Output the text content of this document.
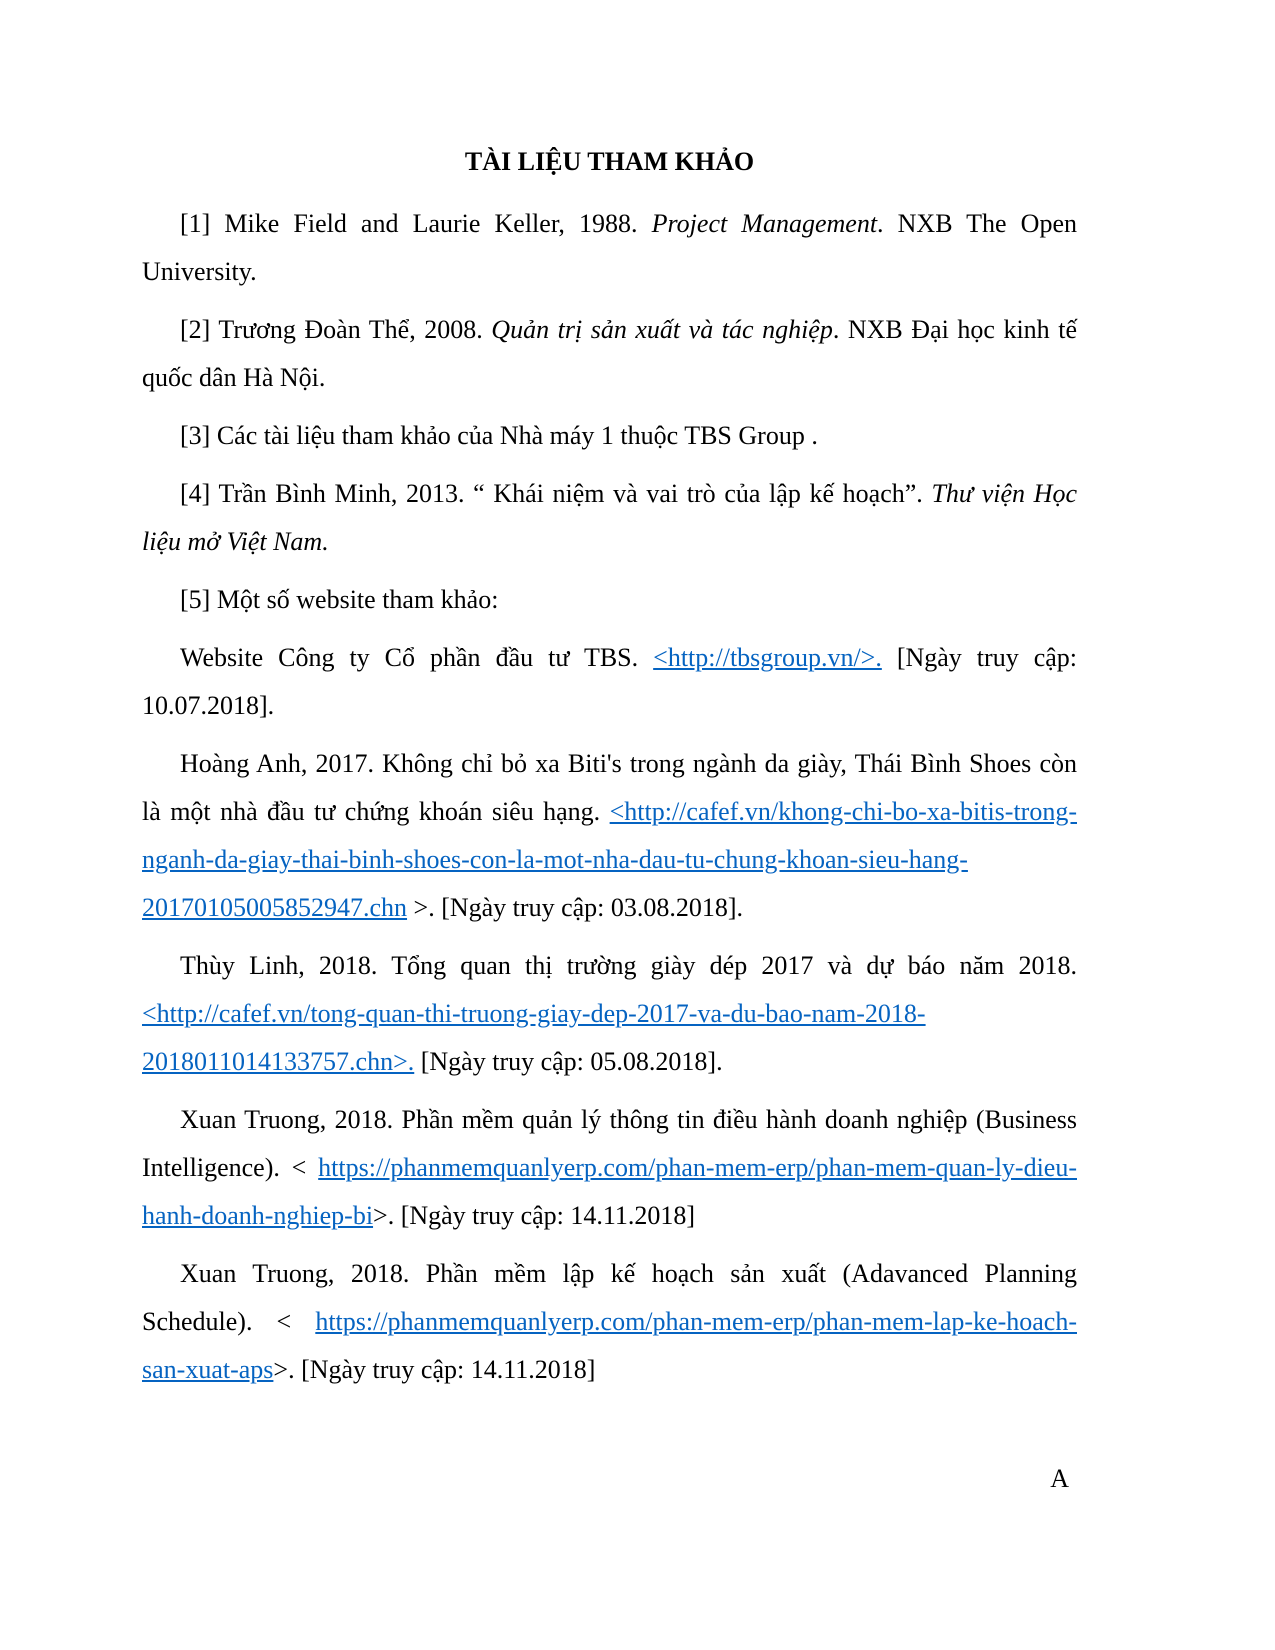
TÀI LIỆU THAM KHẢO

[1] Mike Field and Laurie Keller, 1988. Project Management. NXB The Open University.

[2] Trương Đoàn Thể, 2008. Quản trị sản xuất và tác nghiệp. NXB Đại học kinh tế quốc dân Hà Nội.

[3] Các tài liệu tham khảo của Nhà máy 1 thuộc TBS Group .

[4] Trần Bình Minh, 2013. “ Khái niệm và vai trò của lập kế hoạch”. Thư viện Học liệu mở Việt Nam.

[5] Một số website tham khảo:

Website Công ty Cổ phần đầu tư TBS. <http://tbsgroup.vn/>. [Ngày truy cập: 10.07.2018].

Hoàng Anh, 2017. Không chỉ bỏ xa Biti's trong ngành da giày, Thái Bình Shoes còn là một nhà đầu tư chứng khoán siêu hạng. <http://cafef.vn/khong-chi-bo-xa-bitis-trong-nganh-da-giay-thai-binh-shoes-con-la-mot-nha-dau-tu-chung-khoan-sieu-hang-20170105005852947.chn >. [Ngày truy cập: 03.08.2018].

Thùy Linh, 2018. Tổng quan thị trường giày dép 2017 và dự báo năm 2018. <http://cafef.vn/tong-quan-thi-truong-giay-dep-2017-va-du-bao-nam-2018-2018011014133757.chn>. [Ngày truy cập: 05.08.2018].

Xuan Truong, 2018. Phần mềm quản lý thông tin điều hành doanh nghiệp (Business Intelligence). < https://phanmemquanlyerp.com/phan-mem-erp/phan-mem-quan-ly-dieu-hanh-doanh-nghiep-bi>. [Ngày truy cập: 14.11.2018]

Xuan Truong, 2018. Phần mềm lập kế hoạch sản xuất (Adavanced Planning Schedule). < https://phanmemquanlyerp.com/phan-mem-erp/phan-mem-lap-ke-hoach-san-xuat-aps>. [Ngày truy cập: 14.11.2018]

A
